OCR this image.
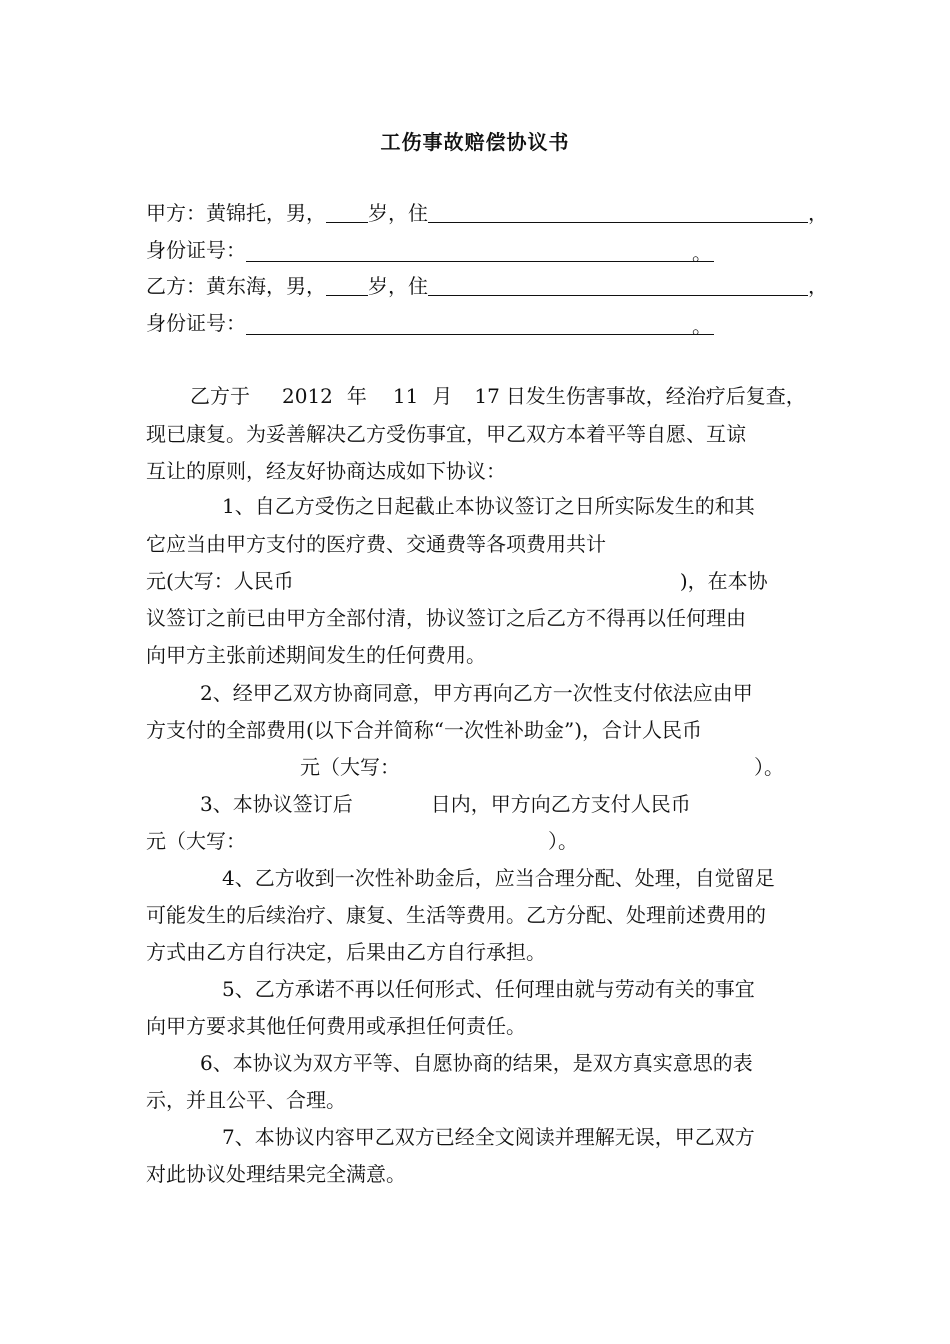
工伤事故赔偿协议书
甲方：黄锦托，男， 岁，住	，
身份证号：	。
乙方：黄东海，男， 岁，住	，
身份证号：	。
乙方于 2012 年 11 月 17 日发生伤害事故，经治疗后复查，
现已康复。为妥善解决乙方受伤事宜，甲乙双方本着平等自愿、互谅
互让的原则，经友好协商达成如下协议：
1、自乙方受伤之日起截止本协议签订之日所实际发生的和其
它应当由甲方支付的医疗费、交通费等各项费用共计
元(大写：人民币	)，在本协
议签订之前已由甲方全部付清，协议签订之后乙方不得再以任何理由
向甲方主张前述期间发生的任何费用。
2、经甲乙双方协商同意，甲方再向乙方一次性支付依法应由甲
方支付的全部费用(以下合并简称“一次性补助金”)，合计人民币
元（大写：	）。
3、本协议签订后	日内，甲方向乙方支付人民币
元（大写：	）。
4、乙方收到一次性补助金后，应当合理分配、处理，自觉留足
可能发生的后续治疗、康复、生活等费用。乙方分配、处理前述费用的
方式由乙方自行决定，后果由乙方自行承担。
5、乙方承诺不再以任何形式、任何理由就与劳动有关的事宜
向甲方要求其他任何费用或承担任何责任。
6、本协议为双方平等、自愿协商的结果，是双方真实意思的表
示，并且公平、合理。
7、本协议内容甲乙双方已经全文阅读并理解无误，甲乙双方
对此协议处理结果完全满意。
